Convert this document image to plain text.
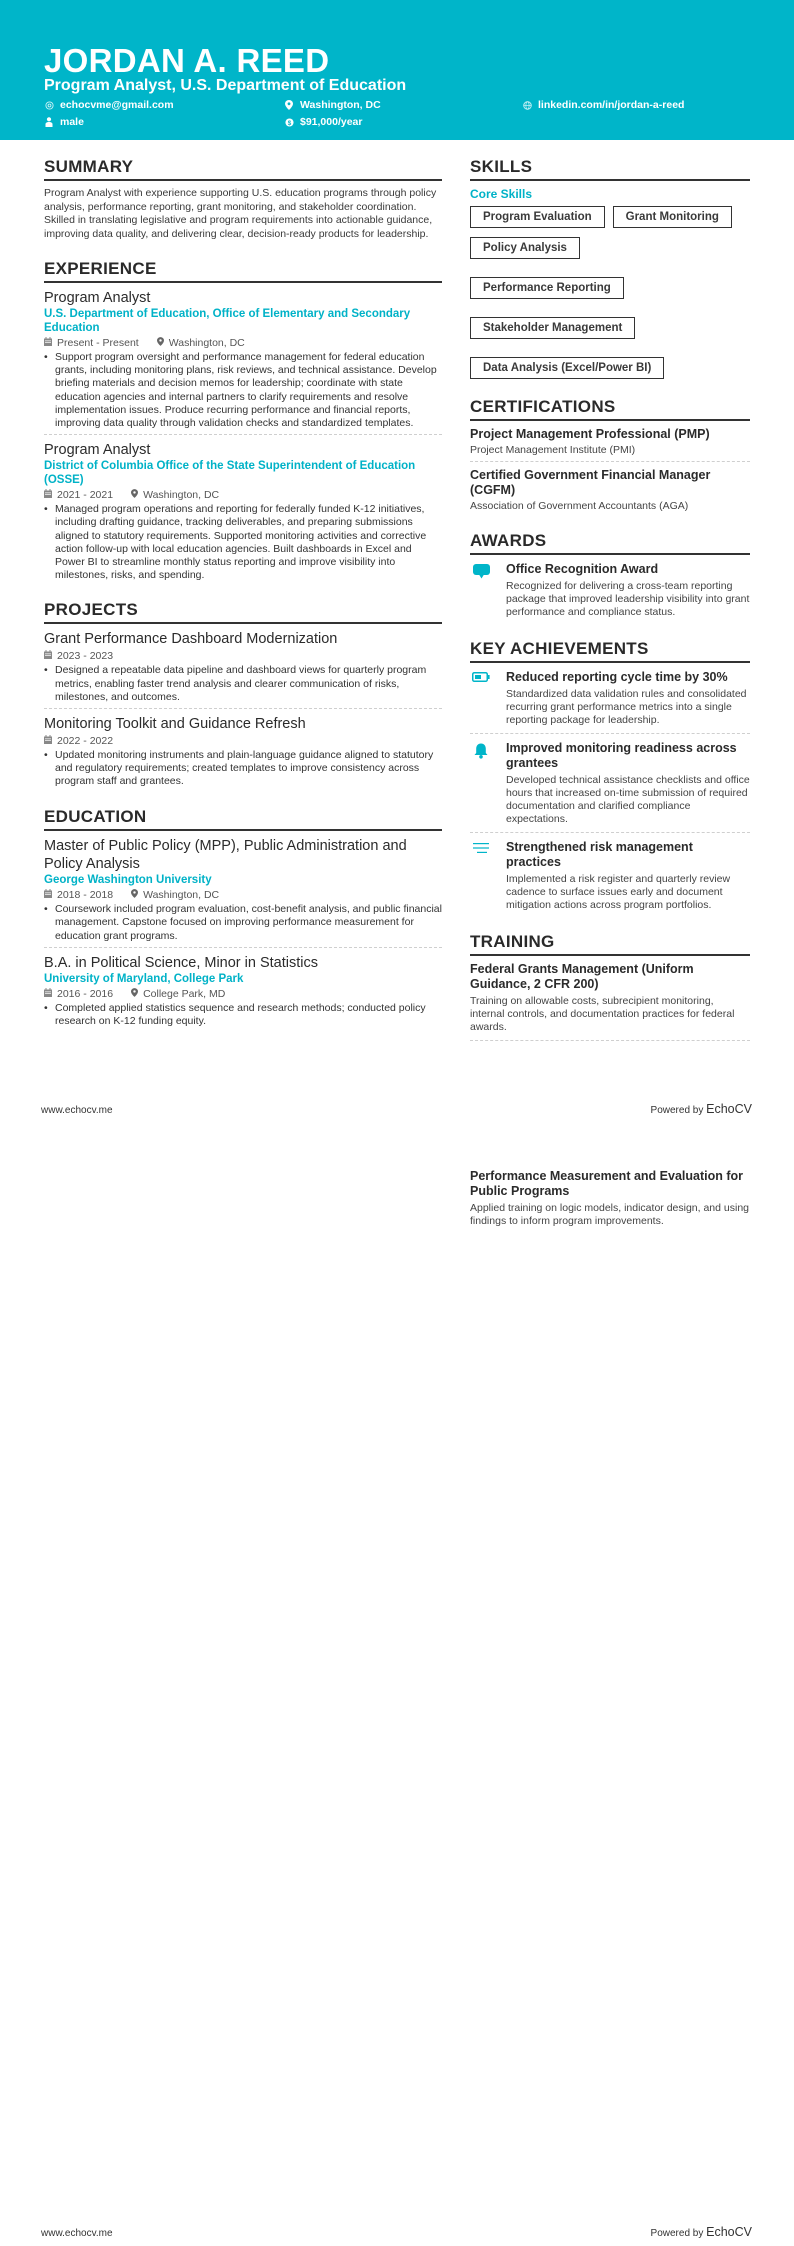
JORDAN A. REED
Program Analyst, U.S. Department of Education
echocvme@gmail.com	Washington, DC	linkedin.com/in/jordan-a-reed
male	$ $91,000/year
SUMMARY
Program Analyst with experience supporting U.S. education programs through policy analysis, performance reporting, grant monitoring, and stakeholder coordination. Skilled in translating legislative and program requirements into actionable guidance, improving data quality, and delivering clear, decision-ready products for leadership.
EXPERIENCE
Program Analyst
U.S. Department of Education, Office of Elementary and Secondary Education
Present - Present	Washington, DC
• Support program oversight and performance management for federal education grants, including monitoring plans, risk reviews, and technical assistance. Develop briefing materials and decision memos for leadership; coordinate with state education agencies and internal partners to clarify requirements and resolve implementation issues. Produce recurring performance and financial reports, improving data quality through validation checks and standardized templates.
Program Analyst
District of Columbia Office of the State Superintendent of Education (OSSE)
2021 - 2021	Washington, DC
• Managed program operations and reporting for federally funded K-12 initiatives, including drafting guidance, tracking deliverables, and preparing submissions aligned to statutory requirements. Supported monitoring activities and corrective action follow-up with local education agencies. Built dashboards in Excel and Power BI to streamline monthly status reporting and improve visibility into milestones, risks, and spending.
PROJECTS
Grant Performance Dashboard Modernization
2023 - 2023
• Designed a repeatable data pipeline and dashboard views for quarterly program metrics, enabling faster trend analysis and clearer communication of risks, milestones, and outcomes.
Monitoring Toolkit and Guidance Refresh
2022 - 2022
• Updated monitoring instruments and plain-language guidance aligned to statutory and regulatory requirements; created templates to improve consistency across program staff and grantees.
EDUCATION
Master of Public Policy (MPP), Public Administration and Policy Analysis
George Washington University
2018 - 2018	Washington, DC
• Coursework included program evaluation, cost-benefit analysis, and public financial management. Capstone focused on improving performance measurement for education grant programs.
B.A. in Political Science, Minor in Statistics
University of Maryland, College Park
2016 - 2016	College Park, MD
• Completed applied statistics sequence and research methods; conducted policy research on K-12 funding equity.
SKILLS
Core Skills
Program Evaluation	Grant Monitoring
Policy Analysis
Performance Reporting
Stakeholder Management
Data Analysis (Excel/Power BI)
CERTIFICATIONS
Project Management Professional (PMP)
Project Management Institute (PMI)
Certified Government Financial Manager (CGFM)
Association of Government Accountants (AGA)
AWARDS
Office Recognition Award
Recognized for delivering a cross-team reporting package that improved leadership visibility into grant performance and compliance status.
KEY ACHIEVEMENTS
Reduced reporting cycle time by 30%
Standardized data validation rules and consolidated recurring grant performance metrics into a single reporting package for leadership.
Improved monitoring readiness across grantees
Developed technical assistance checklists and office hours that increased on-time submission of required documentation and clarified compliance expectations.
Strengthened risk management practices
Implemented a risk register and quarterly review cadence to surface issues early and document mitigation actions across program portfolios.
TRAINING
Federal Grants Management (Uniform Guidance, 2 CFR 200)
Training on allowable costs, subrecipient monitoring, internal controls, and documentation practices for federal awards.
www.echocv.me	Powered by EchoCV
Performance Measurement and Evaluation for Public Programs
Applied training on logic models, indicator design, and using findings to inform program improvements.
www.echocv.me	Powered by EchoCV
